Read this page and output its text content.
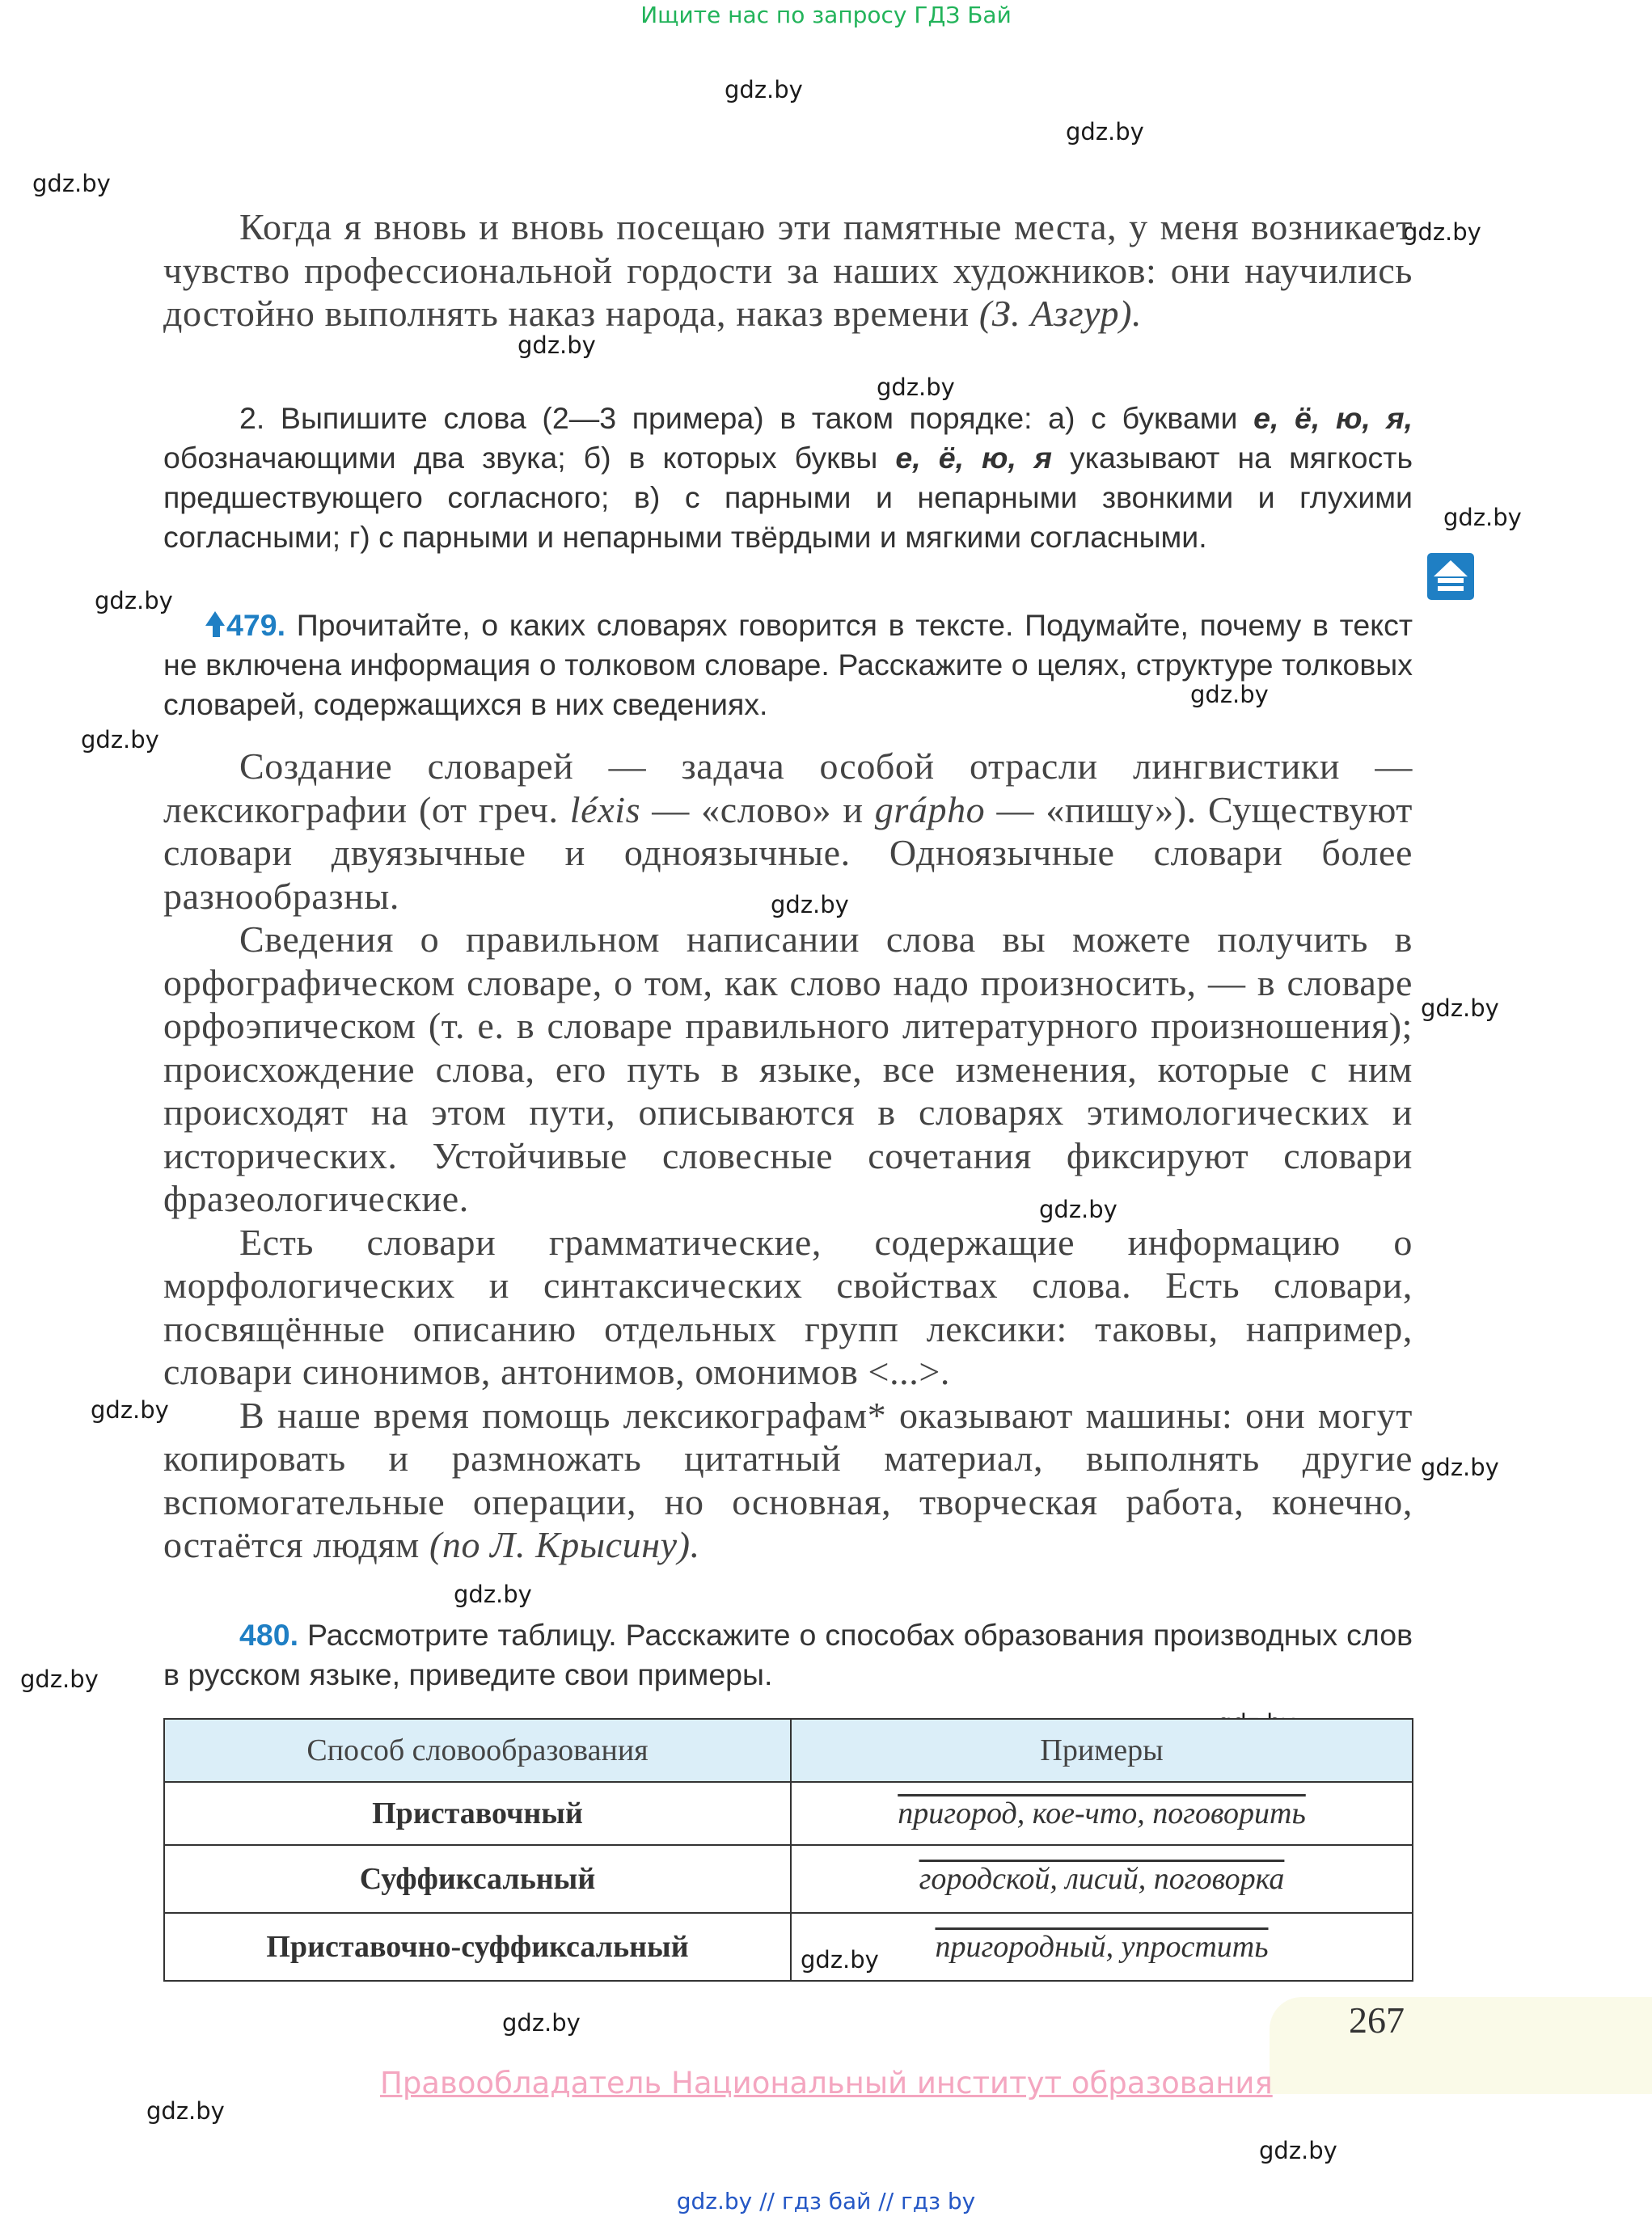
Ищите нас по запросу ГДЗ Бай
gdz.by
gdz.by
gdz.by
gdz.by
gdz.by
gdz.by
gdz.by
gdz.by
gdz.by
gdz.by
gdz.by
gdz.by
gdz.by
gdz.by
gdz.by
gdz.by
gdz.by
gdz.by
gdz.by
gdz.by
gdz.by
Когда я вновь и вновь посещаю эти памятные места, у меня возникает чувство профессиональной гордости за наших художников: они научились достойно выполнять наказ народа, наказ времени (З. Азгур).
2. Выпишите слова (2—3 примера) в таком порядке: а) с буквами е, ё, ю, я, обозначающими два звука; б) в которых буквы е, ё, ю, я указывают на мягкость предшествующего согласного; в) с парными и непарными звонкими и глухими согласными; г) с парными и непарными твёрдыми и мягкими согласными.
479. Прочитайте, о каких словарях говорится в тексте. Подумайте, почему в текст не включена информация о толковом словаре. Расскажите о целях, структуре толковых словарей, содержащихся в них сведениях.
Создание словарей — задача особой отрасли лингвистики — лексикографии (от греч. léxis — «слово» и grápho — «пишу»). Существуют словари двуязычные и одноязычные. Одноязычные словари более разнообразны.
Сведения о правильном написании слова вы можете получить в орфографическом словаре, о том, как слово надо произносить, — в словаре орфоэпическом (т. е. в словаре правильного литературного произношения); происхождение слова, его путь в языке, все изменения, которые с ним происходят на этом пути, описываются в словарях этимологических и исторических. Устойчивые словесные сочетания фиксируют словари фразеологические.
Есть словари грамматические, содержащие информацию о морфологических и синтаксических свойствах слова. Есть словари, посвящённые описанию отдельных групп лексики: таковы, например, словари синонимов, антонимов, омонимов <...>.
В наше время помощь лексикографам* оказывают машины: они могут копировать и размножать цитатный материал, выполнять другие вспомогательные операции, но основная, творческая работа, конечно, остаётся людям (по Л. Крысину).
480. Рассмотрите таблицу. Расскажите о способах образования производных слов в русском языке, приведите свои примеры.
Способ словообразования	Примеры
Приставочный	пригород, кое-что, поговорить
Суффиксальный	городской, лисий, поговорка
Приставочно-суффиксальный	пригородный, упростить
267
Правообладатель Национальный институт образования
gdz.by // гдз бай // гдз by
